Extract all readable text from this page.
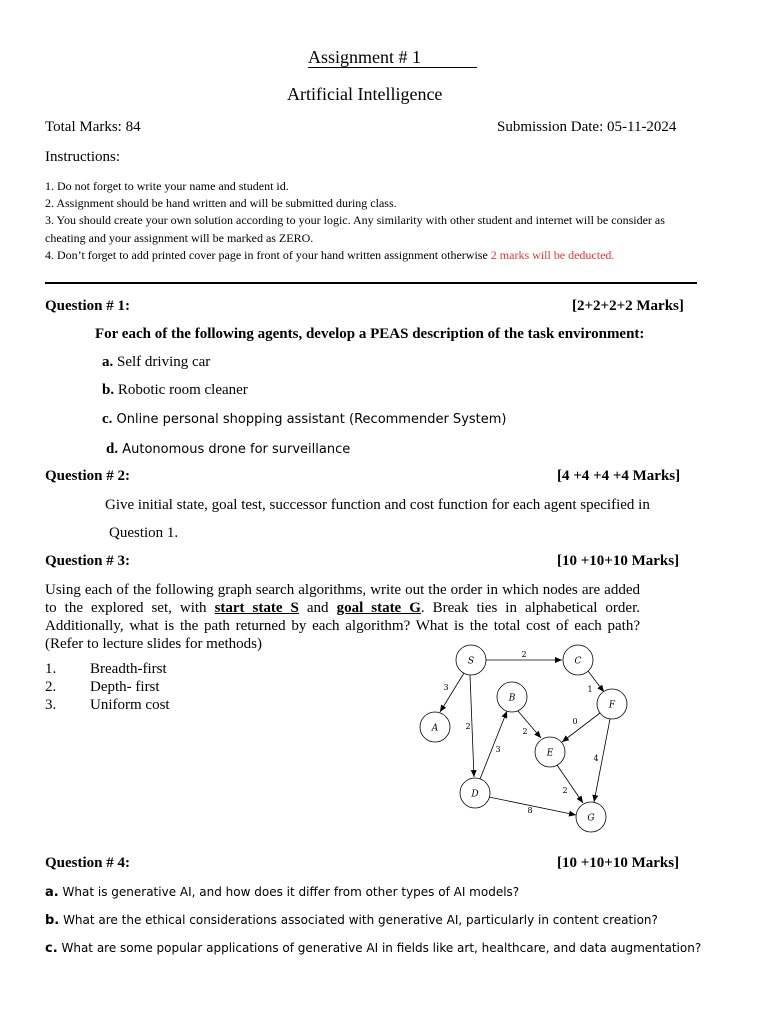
Assignment # 1
Artificial Intelligence
Total Marks: 84	Submission Date: 05-11-2024
Instructions:
1. Do not forget to write your name and student id.
2. Assignment should be hand written and will be submitted during class.
3. You should create your own solution according to your logic. Any similarity with other student and internet will be consider as
cheating and your assignment will be marked as ZERO.
4. Don’t forget to add printed cover page in front of your hand written assignment otherwise 2 marks will be deducted.
Question # 1:	[2+2+2+2 Marks]
For each of the following agents, develop a PEAS description of the task environment:
a. Self driving car
b. Robotic room cleaner
c. Online personal shopping assistant (Recommender System)
d. Autonomous drone for surveillance
Question # 2:	[4 +4 +4 +4 Marks]
Give initial state, goal test, successor function and cost function for each agent specified in
Question 1.
Question # 3:	[10 +10+10 Marks]
Using each of the following graph search algorithms, write out the order in which nodes are added
to the explored set, with start state S and goal state G. Break ties in alphabetical order.
Additionally, what is the path returned by each algorithm? What is the total cost of each path?
(Refer to lecture slides for methods)
1. Breadth-first
2. Depth- first
3. Uniform cost
S	C
B
F
A
E
D
G
2
1
3
2
2
0
3
4
2
8
Question # 4:	[10 +10+10 Marks]
a. What is generative AI, and how does it differ from other types of AI models?
b. What are the ethical considerations associated with generative AI, particularly in content creation?
c. What are some popular applications of generative AI in fields like art, healthcare, and data augmentation?
